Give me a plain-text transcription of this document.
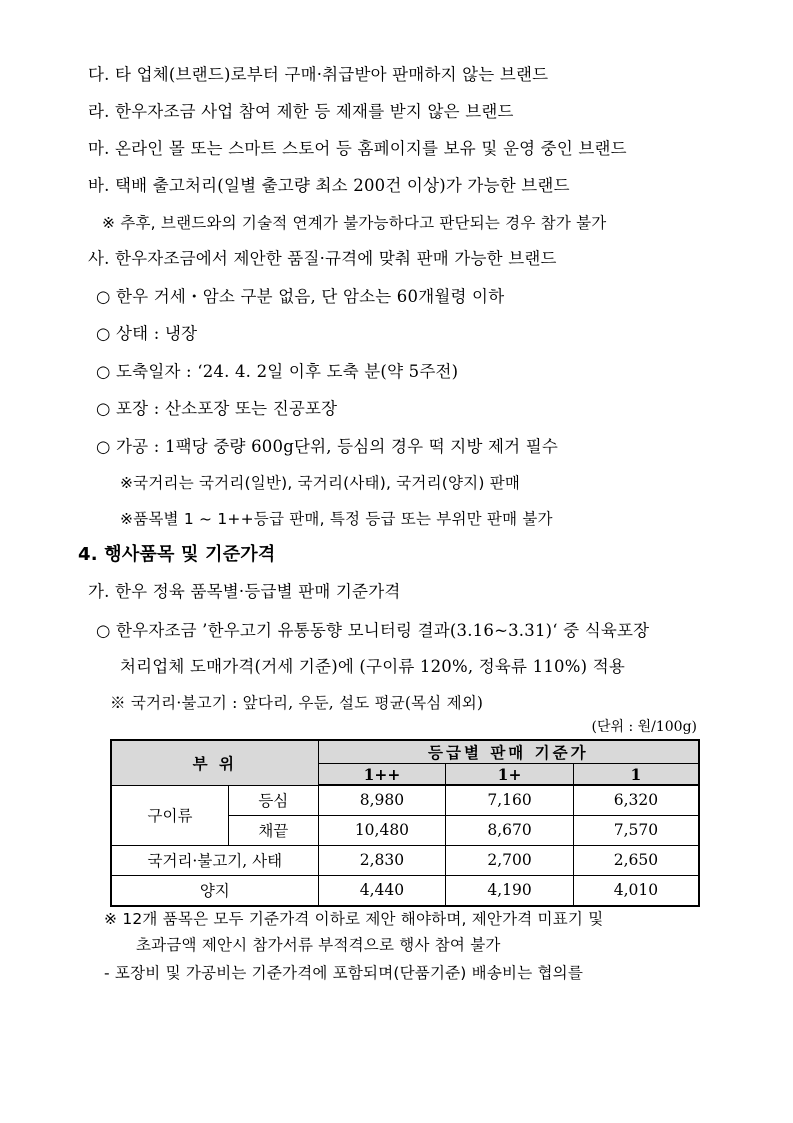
다. 타 업체(브랜드)로부터 구매·취급받아 판매하지 않는 브랜드
라. 한우자조금 사업 참여 제한 등 제재를 받지 않은 브랜드
마. 온라인 몰 또는 스마트 스토어 등 홈페이지를 보유 및 운영 중인 브랜드
바. 택배 출고처리(일별 출고량 최소 200건 이상)가 가능한 브랜드
※ 추후, 브랜드와의 기술적 연계가 불가능하다고 판단되는 경우 참가 불가
사. 한우자조금에서 제안한 품질·규격에 맞춰 판매 가능한 브랜드
○ 한우 거세・암소 구분 없음, 단 암소는 60개월령 이하
○ 상태 : 냉장
○ 도축일자 : ‘24. 4. 2일 이후 도축 분(약 5주전)
○ 포장 : 산소포장 또는 진공포장
○ 가공 : 1팩당 중량 600g단위, 등심의 경우 떡 지방 제거 필수
※국거리는 국거리(일반), 국거리(사태), 국거리(양지) 판매
※품목별 1 ~ 1++등급 판매, 특정 등급 또는 부위만 판매 불가
4. 행사품목 및 기준가격
가. 한우 정육 품목별·등급별 판매 기준가격
○ 한우자조금 ’한우고기 유통동향 모니터링 결과(3.16~3.31)‘ 중 식육포장
처리업체 도매가격(거세 기준)에 (구이류 120%, 정육류 110%) 적용
※ 국거리·불고기 : 앞다리, 우둔, 설도 평균(목심 제외)
(단위 : 원/100g)
부 위		등급별 판매 기준가		
		1++	1+	1
구이류	등심	8,980	7,160	6,320
	채끝	10,480	8,670	7,570
국거리·불고기, 사태		2,830	2,700	2,650
양지		4,440	4,190	4,010
※ 12개 품목은 모두 기준가격 이하로 제안 해야하며, 제안가격 미표기 및
초과금액 제안시 참가서류 부적격으로 행사 참여 불가
- 포장비 및 가공비는 기준가격에 포함되며(단품기준) 배송비는 협의를
